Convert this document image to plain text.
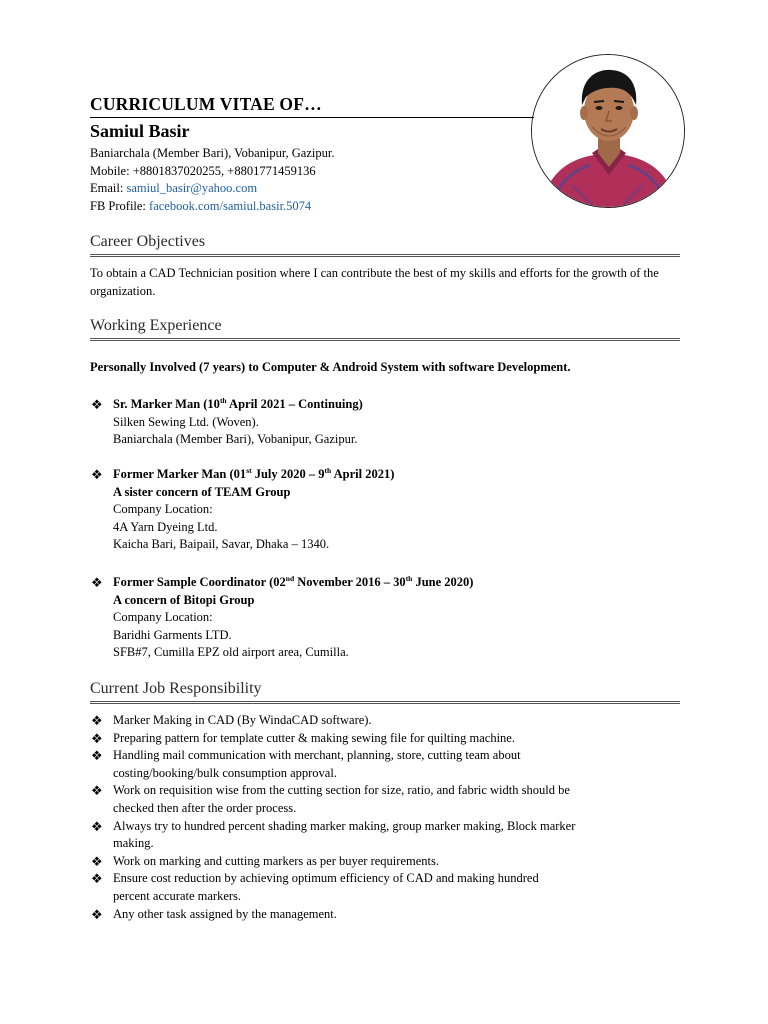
CURRICULUM VITAE OF…
Samiul Basir
Baniarchala (Member Bari), Vobanipur, Gazipur.
Mobile: +8801837020255, +8801771459136
Email: samiul_basir@yahoo.com
FB Profile: facebook.com/samiul.basir.5074
Career Objectives
To obtain a CAD Technician position where I can contribute the best of my skills and efforts for the growth of the organization.
Working Experience
Personally Involved (7 years) to Computer & Android System with software Development.
❖ Sr. Marker Man (10th April 2021 – Continuing)
Silken Sewing Ltd. (Woven).
Baniarchala (Member Bari), Vobanipur, Gazipur.
❖ Former Marker Man (01st July 2020 – 9th April 2021)
A sister concern of TEAM Group
Company Location:
4A Yarn Dyeing Ltd.
Kaicha Bari, Baipail, Savar, Dhaka – 1340.
❖ Former Sample Coordinator (02nd November 2016 – 30th June 2020)
A concern of Bitopi Group
Company Location:
Baridhi Garments LTD.
SFB#7, Cumilla EPZ old airport area, Cumilla.
Current Job Responsibility
❖ Marker Making in CAD (By WindaCAD software).
❖ Preparing pattern for template cutter & making sewing file for quilting machine.
❖ Handling mail communication with merchant, planning, store, cutting team about
costing/booking/bulk consumption approval.
❖ Work on requisition wise from the cutting section for size, ratio, and fabric width should be
checked then after the order process.
❖ Always try to hundred percent shading marker making, group marker making, Block marker
making.
❖ Work on marking and cutting markers as per buyer requirements.
❖ Ensure cost reduction by achieving optimum efficiency of CAD and making hundred
percent accurate markers.
❖ Any other task assigned by the management.
